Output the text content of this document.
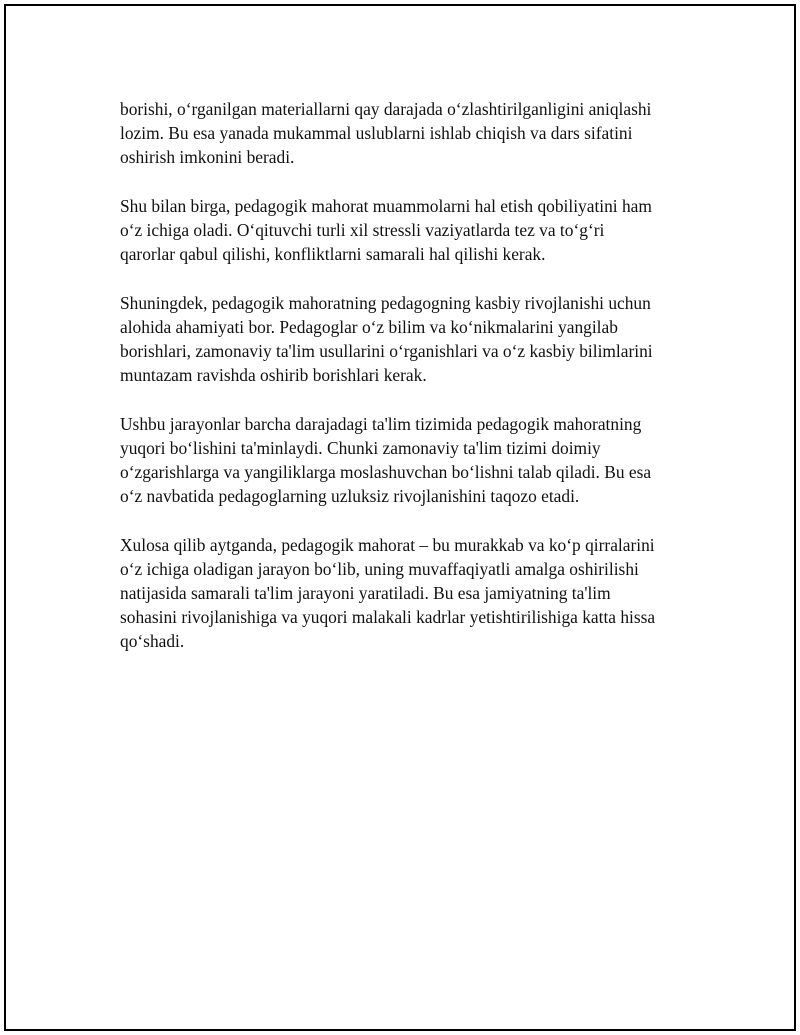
borishi, o‘rganilgan materiallarni qay darajada o‘zlashtirilganligini aniqlashi
lozim. Bu esa yanada mukammal uslublarni ishlab chiqish va dars sifatini
oshirish imkonini beradi.

Shu bilan birga, pedagogik mahorat muammolarni hal etish qobiliyatini ham
o‘z ichiga oladi. O‘qituvchi turli xil stressli vaziyatlarda tez va to‘g‘ri
qarorlar qabul qilishi, konfliktlarni samarali hal qilishi kerak.

Shuningdek, pedagogik mahoratning pedagogning kasbiy rivojlanishi uchun
alohida ahamiyati bor. Pedagoglar o‘z bilim va ko‘nikmalarini yangilab
borishlari, zamonaviy ta'lim usullarini o‘rganishlari va o‘z kasbiy bilimlarini
muntazam ravishda oshirib borishlari kerak.

Ushbu jarayonlar barcha darajadagi ta'lim tizimida pedagogik mahoratning
yuqori bo‘lishini ta'minlaydi. Chunki zamonaviy ta'lim tizimi doimiy
o‘zgarishlarga va yangiliklarga moslashuvchan bo‘lishni talab qiladi. Bu esa
o‘z navbatida pedagoglarning uzluksiz rivojlanishini taqozo etadi.

Xulosa qilib aytganda, pedagogik mahorat – bu murakkab va ko‘p qirralarini
o‘z ichiga oladigan jarayon bo‘lib, uning muvaffaqiyatli amalga oshirilishi
natijasida samarali ta'lim jarayoni yaratiladi. Bu esa jamiyatning ta'lim
sohasini rivojlanishiga va yuqori malakali kadrlar yetishtirilishiga katta hissa
qo‘shadi.
